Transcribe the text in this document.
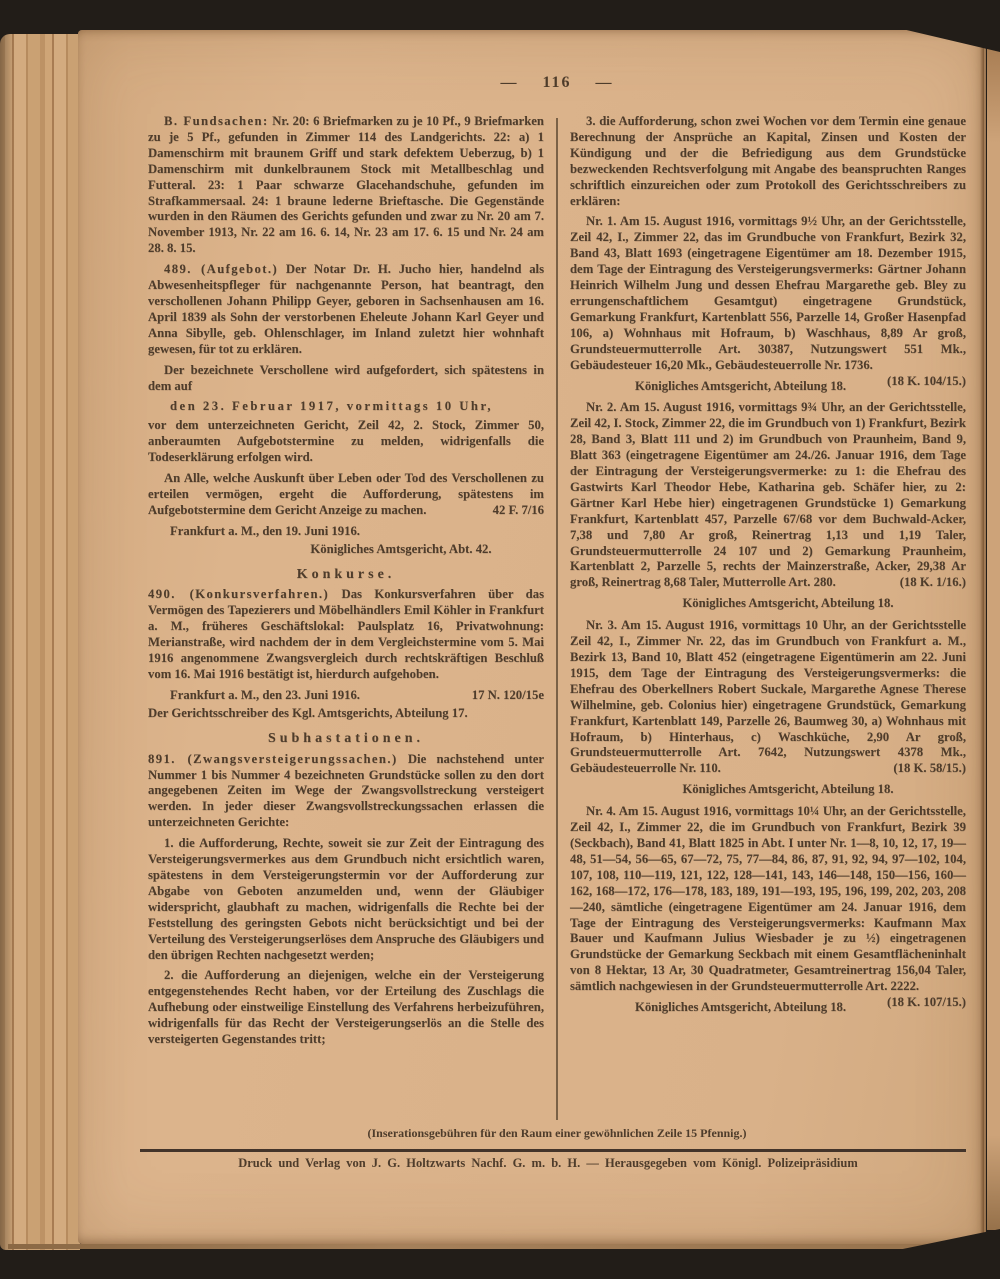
— 116 —

B. Fundsachen: Nr. 20: 6 Briefmarken zu je 10 Pf., 9 Briefmarken zu je 5 Pf., gefunden in Zimmer 114 des Landgerichts. 22: a) 1 Damenschirm mit braunem Griff und stark defektem Ueberzug, b) 1 Damenschirm mit dunkelbraunem Stock mit Metallbeschlag und Futteral. 23: 1 Paar schwarze Glacehandschuhe, gefunden im Strafkammersaal. 24: 1 braune lederne Brieftasche. Die Gegenstände wurden in den Räumen des Gerichts gefunden und zwar zu Nr. 20 am 7. November 1913, Nr. 22 am 16. 6. 14, Nr. 23 am 17. 6. 15 und Nr. 24 am 28. 8. 15.

489. (Aufgebot.) Der Notar Dr. H. Jucho hier, handelnd als Abwesenheitspfleger für nachgenannte Person, hat beantragt, den verschollenen Johann Philipp Geyer, geboren in Sachsenhausen am 16. April 1839 als Sohn der verstorbenen Eheleute Johann Karl Geyer und Anna Sibylle, geb. Ohlenschlager, im Inland zuletzt hier wohnhaft gewesen, für tot zu erklären.

Der bezeichnete Verschollene wird aufgefordert, sich spätestens in dem auf

den 23. Februar 1917, vormittags 10 Uhr,

vor dem unterzeichneten Gericht, Zeil 42, 2. Stock, Zimmer 50, anberaumten Aufgebotstermine zu melden, widrigenfalls die Todeserklärung erfolgen wird.

An Alle, welche Auskunft über Leben oder Tod des Verschollenen zu erteilen vermögen, ergeht die Aufforderung, spätestens im Aufgebotstermine dem Gericht Anzeige zu machen.	42 F. 7/16

Frankfurt a. M., den 19. Juni 1916.

Königliches Amtsgericht, Abt. 42.

Konkurse.

490. (Konkursverfahren.) Das Konkursverfahren über das Vermögen des Tapezierers und Möbelhändlers Emil Köhler in Frankfurt a. M., früheres Geschäftslokal: Paulsplatz 16, Privatwohnung: Merianstraße, wird nachdem der in dem Vergleichstermine vom 5. Mai 1916 angenommene Zwangsvergleich durch rechtskräftigen Beschluß vom 16. Mai 1916 bestätigt ist, hierdurch aufgehoben.

Frankfurt a. M., den 23. Juni 1916.	17 N. 120/15e

Der Gerichtsschreiber des Kgl. Amtsgerichts, Abteilung 17.

Subhastationen.

891. (Zwangsversteigerungssachen.) Die nachstehend unter Nummer 1 bis Nummer 4 bezeichneten Grundstücke sollen zu den dort angegebenen Zeiten im Wege der Zwangsvollstreckung versteigert werden. In jeder dieser Zwangsvollstreckungssachen erlassen die unterzeichneten Gerichte:

1. die Aufforderung, Rechte, soweit sie zur Zeit der Eintragung des Versteigerungsvermerkes aus dem Grundbuch nicht ersichtlich waren, spätestens in dem Versteigerungstermin vor der Aufforderung zur Abgabe von Geboten anzumelden und, wenn der Gläubiger widerspricht, glaubhaft zu machen, widrigenfalls die Rechte bei der Feststellung des geringsten Gebots nicht berücksichtigt und bei der Verteilung des Versteigerungserlöses dem Anspruche des Gläubigers und den übrigen Rechten nachgesetzt werden;

2. die Aufforderung an diejenigen, welche ein der Versteigerung entgegenstehendes Recht haben, vor der Erteilung des Zuschlags die Aufhebung oder einstweilige Einstellung des Verfahrens herbeizuführen, widrigenfalls für das Recht der Versteigerungserlös an die Stelle des versteigerten Gegenstandes tritt;

3. die Aufforderung, schon zwei Wochen vor dem Termin eine genaue Berechnung der Ansprüche an Kapital, Zinsen und Kosten der Kündigung und der die Befriedigung aus dem Grundstücke bezweckenden Rechtsverfolgung mit Angabe des beanspruchten Ranges schriftlich einzureichen oder zum Protokoll des Gerichtsschreibers zu erklären:

Nr. 1. Am 15. August 1916, vormittags 9½ Uhr, an der Gerichtsstelle, Zeil 42, I., Zimmer 22, das im Grundbuche von Frankfurt, Bezirk 32, Band 43, Blatt 1693 (eingetragene Eigentümer am 18. Dezember 1915, dem Tage der Eintragung des Versteigerungsvermerks: Gärtner Johann Heinrich Wilhelm Jung und dessen Ehefrau Margarethe geb. Bley zu errungenschaftlichem Gesamtgut) eingetragene Grundstück, Gemarkung Frankfurt, Kartenblatt 556, Parzelle 14, Großer Hasenpfad 106, a) Wohnhaus mit Hofraum, b) Waschhaus, 8,89 Ar groß, Grundsteuermutterrolle Art. 30387, Nutzungswert 551 Mk., Gebäudesteuer 16,20 Mk., Gebäudesteuerrolle Nr. 1736.
(18 K. 104/15.)

Königliches Amtsgericht, Abteilung 18.

Nr. 2. Am 15. August 1916, vormittags 9¾ Uhr, an der Gerichtsstelle, Zeil 42, I. Stock, Zimmer 22, die im Grundbuch von 1) Frankfurt, Bezirk 28, Band 3, Blatt 111 und 2) im Grundbuch von Praunheim, Band 9, Blatt 363 (eingetragene Eigentümer am 24./26. Januar 1916, dem Tage der Eintragung der Versteigerungsvermerke: zu 1: die Ehefrau des Gastwirts Karl Theodor Hebe, Katharina geb. Schäfer hier, zu 2: Gärtner Karl Hebe hier) eingetragenen Grundstücke 1) Gemarkung Frankfurt, Kartenblatt 457, Parzelle 67/68 vor dem Buchwald-Acker, 7,38 und 7,80 Ar groß, Reinertrag 1,13 und 1,19 Taler, Grundsteuermutterrolle 24 107 und 2) Gemarkung Praunheim, Kartenblatt 2, Parzelle 5, rechts der Mainzerstraße, Acker, 29,38 Ar groß, Reinertrag 8,68 Taler, Mutterrolle Art. 280.	(18 K. 1/16.)

Königliches Amtsgericht, Abteilung 18.

Nr. 3. Am 15. August 1916, vormittags 10 Uhr, an der Gerichtsstelle Zeil 42, I., Zimmer Nr. 22, das im Grundbuch von Frankfurt a. M., Bezirk 13, Band 10, Blatt 452 (eingetragene Eigentümerin am 22. Juni 1915, dem Tage der Eintragung des Versteigerungsvermerks: die Ehefrau des Oberkellners Robert Suckale, Margarethe Agnese Therese Wilhelmine, geb. Colonius hier) eingetragene Grundstück, Gemarkung Frankfurt, Kartenblatt 149, Parzelle 26, Baumweg 30, a) Wohnhaus mit Hofraum, b) Hinterhaus, c) Waschküche, 2,90 Ar groß, Grundsteuermutterrolle Art. 7642, Nutzungswert 4378 Mk., Gebäudesteuerrolle Nr. 110.	(18 K. 58/15.)

Königliches Amtsgericht, Abteilung 18.

Nr. 4. Am 15. August 1916, vormittags 10¼ Uhr, an der Gerichtsstelle, Zeil 42, I., Zimmer 22, die im Grundbuch von Frankfurt, Bezirk 39 (Seckbach), Band 41, Blatt 1825 in Abt. I unter Nr. 1—8, 10, 12, 17, 19—48, 51—54, 56—65, 67—72, 75, 77—84, 86, 87, 91, 92, 94, 97—102, 104, 107, 108, 110—119, 121, 122, 128—141, 143, 146—148, 150—156, 160—162, 168—172, 176—178, 183, 189, 191—193, 195, 196, 199, 202, 203, 208—240, sämtliche (eingetragene Eigentümer am 24. Januar 1916, dem Tage der Eintragung des Versteigerungsvermerks: Kaufmann Max Bauer und Kaufmann Julius Wiesbader je zu ½) eingetragenen Grundstücke der Gemarkung Seckbach mit einem Gesamtflächeninhalt von 8 Hektar, 13 Ar, 30 Quadratmeter, Gesamtreinertrag 156,04 Taler, sämtlich nachgewiesen in der Grundsteuermutterrolle Art. 2222.
(18 K. 107/15.)

Königliches Amtsgericht, Abteilung 18.

(Inserationsgebühren für den Raum einer gewöhnlichen Zeile 15 Pfennig.)
Druck und Verlag von J. G. Holtzwarts Nachf. G. m. b. H. — Herausgegeben vom Königl. Polizeipräsidium
